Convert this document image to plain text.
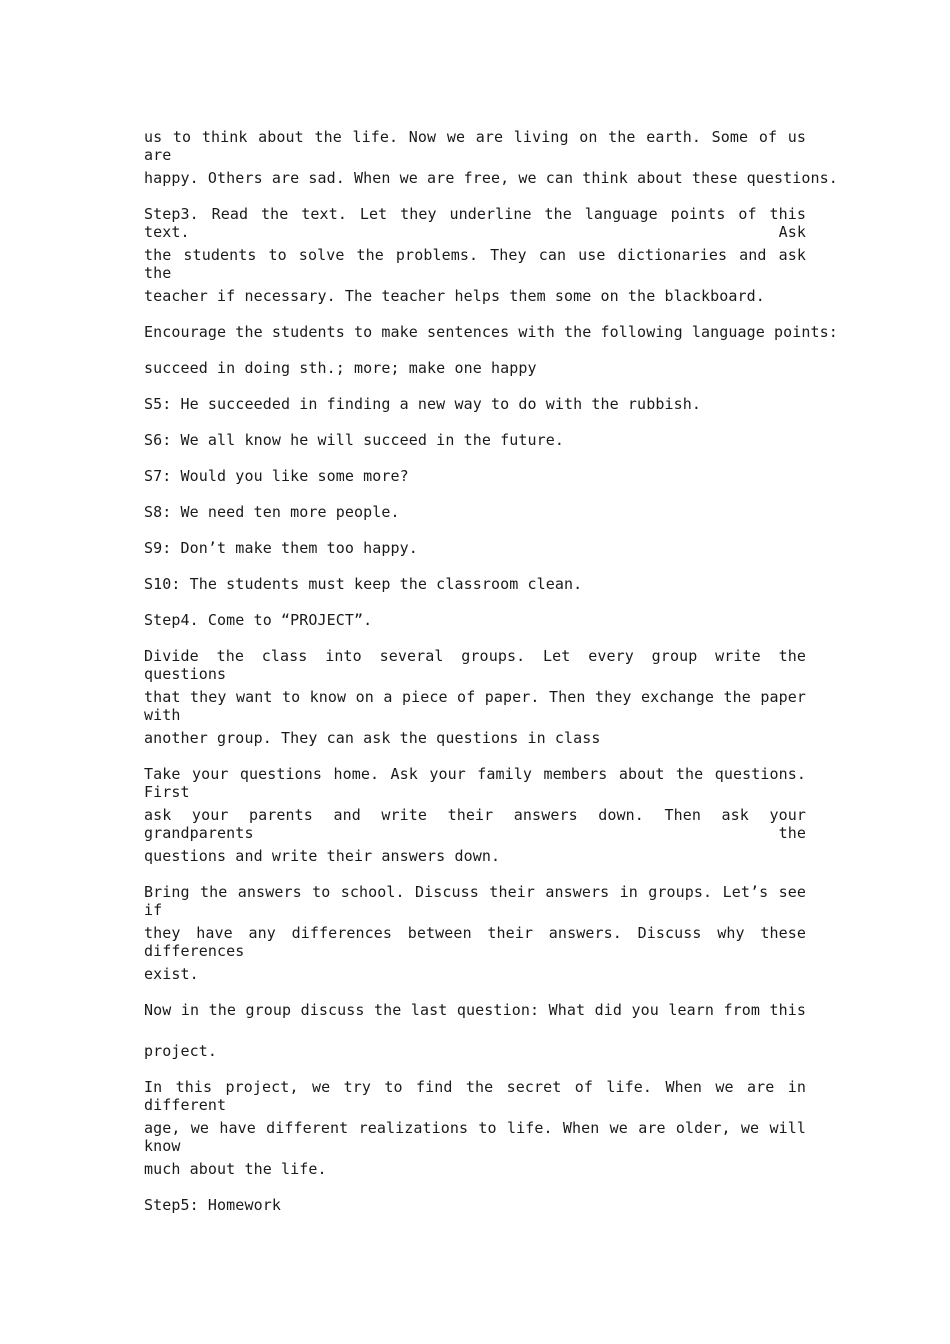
us to think about the life. Now we are living on the earth. Some of us are
happy. Others are sad. When we are free, we can think about these questions.
Step3. Read the text. Let they underline the language points of this text. Ask
the students to solve the problems. They can use dictionaries and ask the
teacher if necessary. The teacher helps them some on the blackboard.
Encourage the students to make sentences with the following language points:
succeed in doing sth.; more; make one happy
S5: He succeeded in finding a new way to do with the rubbish.
S6: We all know he will succeed in the future.
S7: Would you like some more?
S8: We need ten more people.
S9: Don’t make them too happy.
S10: The students must keep the classroom clean.
Step4. Come to “PROJECT”.
Divide the class into several groups. Let every group write the questions
that they want to know on a piece of paper. Then they exchange the paper with
another group. They can ask the questions in class
Take your questions home. Ask your family members about the questions. First
ask your parents and write their answers down. Then ask your grandparents the
questions and write their answers down.
Bring the answers to school. Discuss their answers in groups. Let’s see if
they have any differences between their answers. Discuss why these differences
exist.
Now in the group discuss the last question: What did you learn from this
project.
In this project, we try to find the secret of life. When we are in different
age, we have different realizations to life. When we are older, we will know
much about the life.
Step5: Homework
